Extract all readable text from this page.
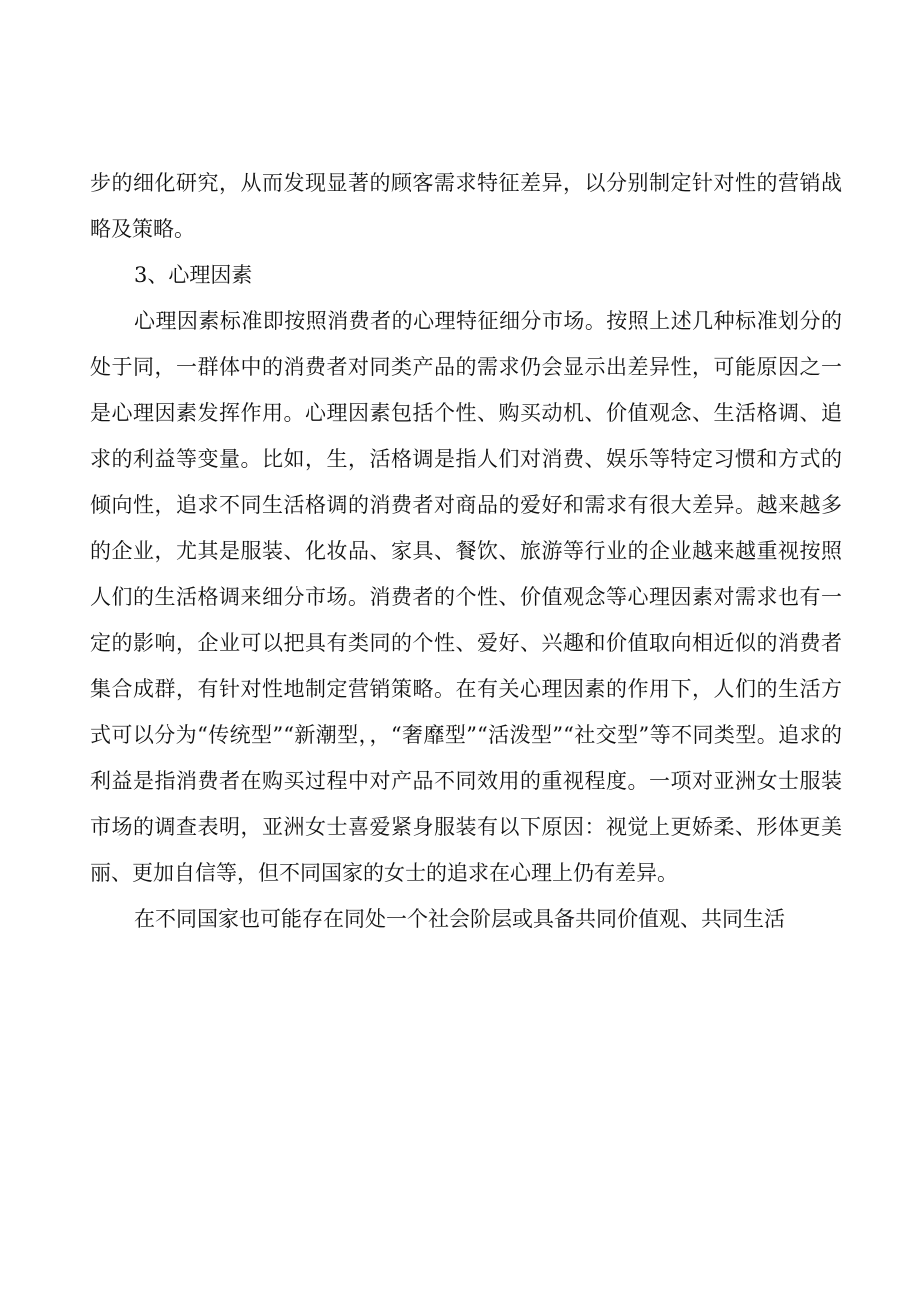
步的细化研究，从而发现显著的顾客需求特征差异，以分别制定针对性的营销战略及策略。

3、心理因素

心理因素标准即按照消费者的心理特征细分市场。按照上述几种标准划分的处于同，一群体中的消费者对同类产品的需求仍会显示出差异性，可能原因之一是心理因素发挥作用。心理因素包括个性、购买动机、价值观念、生活格调、追求的利益等变量。比如，生，活格调是指人们对消费、娱乐等特定习惯和方式的倾向性，追求不同生活格调的消费者对商品的爱好和需求有很大差异。越来越多的企业，尤其是服装、化妆品、家具、餐饮、旅游等行业的企业越来越重视按照人们的生活格调来细分市场。消费者的个性、价值观念等心理因素对需求也有一定的影响，企业可以把具有类同的个性、爱好、兴趣和价值取向相近似的消费者集合成群，有针对性地制定营销策略。在有关心理因素的作用下，人们的生活方式可以分为“传统型”“新潮型，，“奢靡型”“活泼型”“社交型”等不同类型。追求的利益是指消费者在购买过程中对产品不同效用的重视程度。一项对亚洲女士服装市场的调查表明，亚洲女士喜爱紧身服装有以下原因：视觉上更娇柔、形体更美丽、更加自信等，但不同国家的女士的追求在心理上仍有差异。

在不同国家也可能存在同处一个社会阶层或具备共同价值观、共同生活
